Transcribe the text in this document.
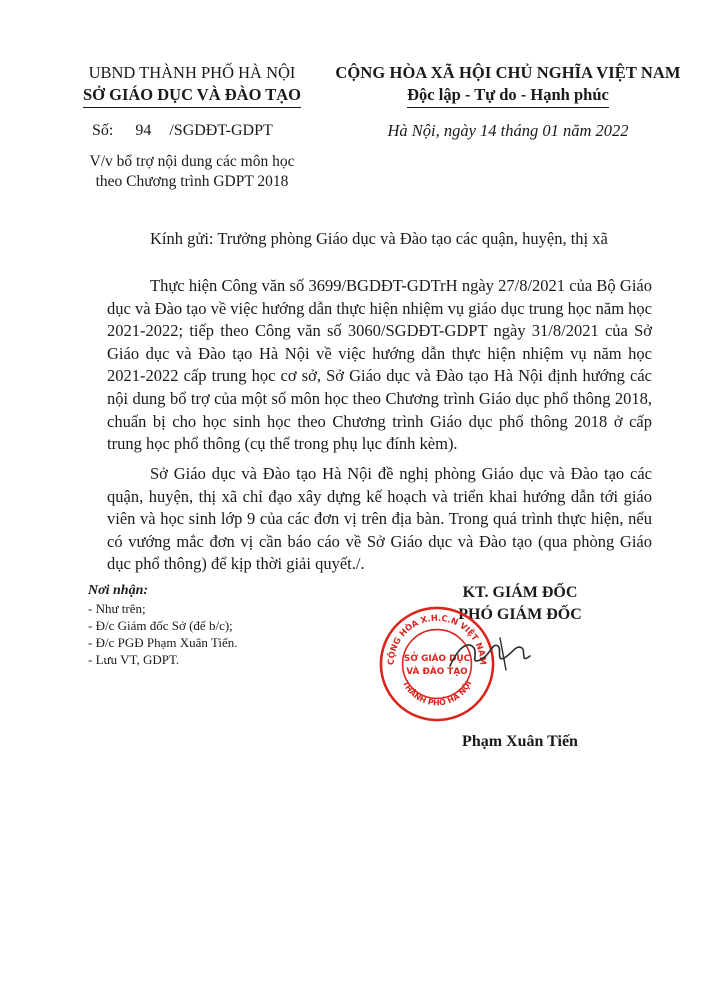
UBND THÀNH PHỐ HÀ NỘI
SỞ GIÁO DỤC VÀ ĐÀO TẠO
CỘNG HÒA XÃ HỘI CHỦ NGHĨA VIỆT NAM
Độc lập - Tự do - Hạnh phúc
Số: 94 /SGDĐT-GDPT	Hà Nội, ngày 14 tháng 01 năm 2022
V/v bổ trợ nội dung các môn học
theo Chương trình GDPT 2018
Kính gửi: Trưởng phòng Giáo dục và Đào tạo các quận, huyện, thị xã

Thực hiện Công văn số 3699/BGDĐT-GDTrH ngày 27/8/2021 của Bộ Giáo dục và Đào tạo về việc hướng dẫn thực hiện nhiệm vụ giáo dục trung học năm học 2021-2022; tiếp theo Công văn số 3060/SGDĐT-GDPT ngày 31/8/2021 của Sở Giáo dục và Đào tạo Hà Nội về việc hướng dẫn thực hiện nhiệm vụ năm học 2021-2022 cấp trung học cơ sở, Sở Giáo dục và Đào tạo Hà Nội định hướng các nội dung bổ trợ của một số môn học theo Chương trình Giáo dục phổ thông 2018, chuẩn bị cho học sinh học theo Chương trình Giáo dục phổ thông 2018 ở cấp trung học phổ thông (cụ thể trong phụ lục đính kèm).

Sở Giáo dục và Đào tạo Hà Nội đề nghị phòng Giáo dục và Đào tạo các quận, huyện, thị xã chỉ đạo xây dựng kế hoạch và triển khai hướng dẫn tới giáo viên và học sinh lớp 9 của các đơn vị trên địa bàn. Trong quá trình thực hiện, nếu có vướng mắc đơn vị cần báo cáo về Sở Giáo dục và Đào tạo (qua phòng Giáo dục phổ thông) để kịp thời giải quyết./.

Nơi nhận:
- Như trên;
- Đ/c Giám đốc Sở (để b/c);
- Đ/c PGĐ Phạm Xuân Tiến.
- Lưu VT, GDPT.
KT. GIÁM ĐỐC
PHÓ GIÁM ĐỐC
CỘNG HÒA X.H.C.N VIỆT NAM
THÀNH PHỐ HÀ NỘI
SỞ GIÁO DỤC
VÀ ĐÀO TẠO
Phạm Xuân Tiến
